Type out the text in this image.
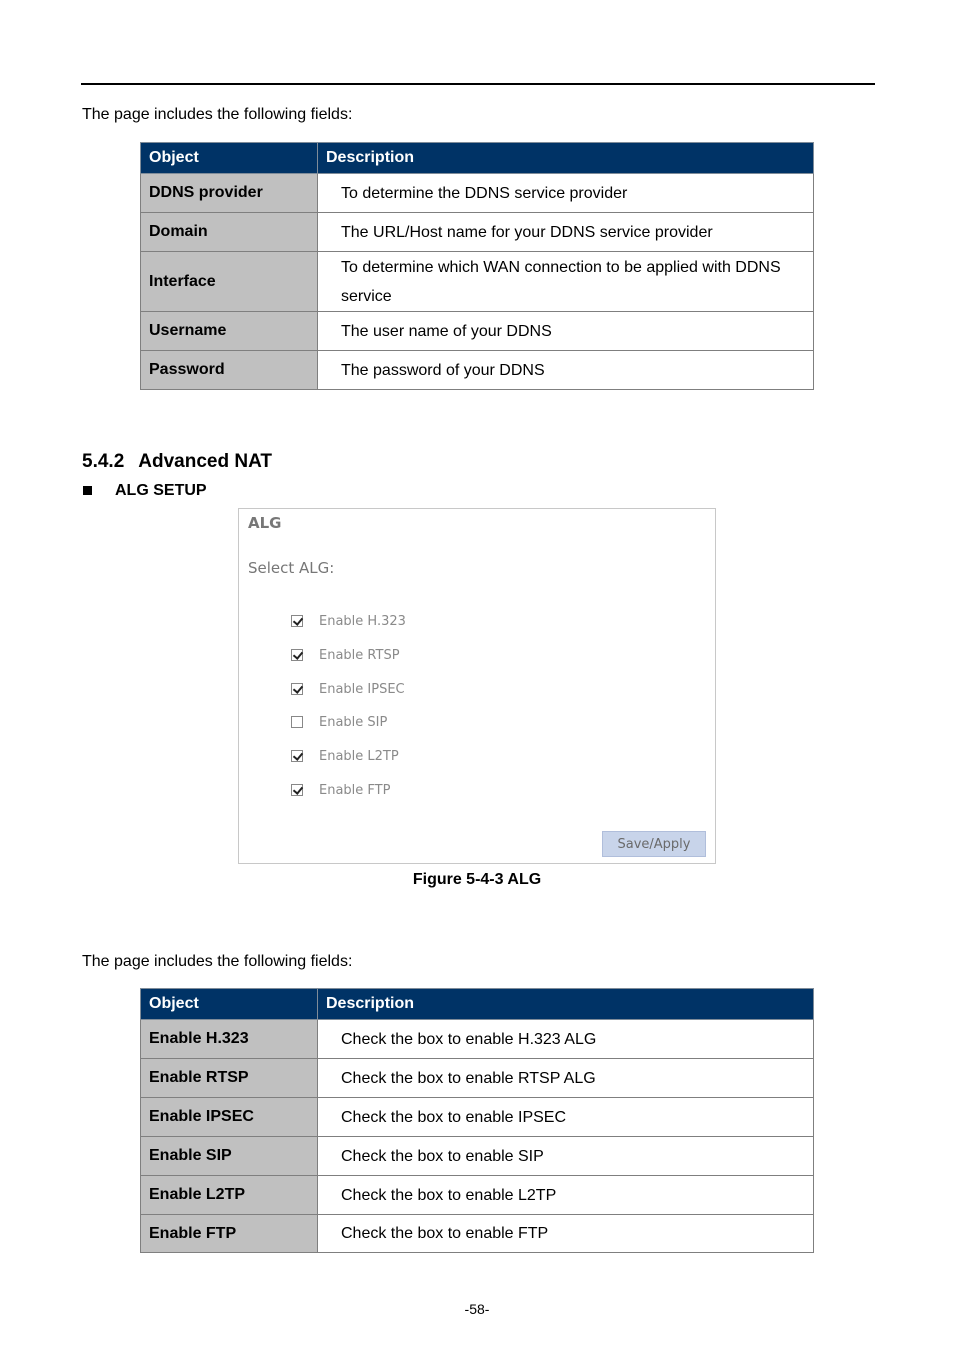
The page includes the following fields:
Object	Description
DDNS provider	To determine the DDNS service provider
Domain	The URL/Host name for your DDNS service provider
Interface	To determine which WAN connection to be applied with DDNS service
Username	The user name of your DDNS
Password	The password of your DDNS
5.4.2 Advanced NAT
ALG SETUP
ALG
Select ALG:
Enable H.323
Enable RTSP
Enable IPSEC
Enable SIP
Enable L2TP
Enable FTP
Save/Apply
Figure 5-4-3 ALG
The page includes the following fields:
Object	Description
Enable H.323	Check the box to enable H.323 ALG
Enable RTSP	Check the box to enable RTSP ALG
Enable IPSEC	Check the box to enable IPSEC
Enable SIP	Check the box to enable SIP
Enable L2TP	Check the box to enable L2TP
Enable FTP	Check the box to enable FTP
-58-
